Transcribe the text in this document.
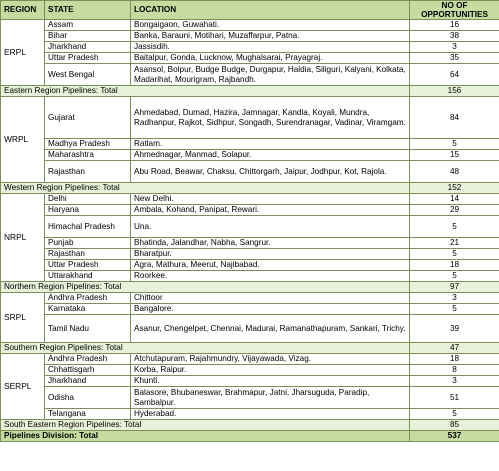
REGION	STATE	LOCATION	NO OF OPPORTUNITIES
ERPL	Assam	Bongaigaon, Guwahati.	16
	Bihar	Banka, Barauni, Motihari, Muzaffarpur, Patna.	38
	Jharkhand	Jassisdih.	3
	Uttar Pradesh	Baitalpur, Gonda, Lucknow, Mughalsarai, Prayagraj.	35
	West Bengal	Asansol, Bolpur, Budge Budge, Durgapur, Haldia, Siliguri, Kalyani, Kolkata, Madarihat, Mourigram, Rajbandh.	64
Eastern Region Pipelines: Total			156
WRPL	Gujarat	Ahmedabad, Dumad, Hazira, Jamnagar, Kandla, Koyali, Mundra, Radhanpur, Rajkot, Sidhpur, Songadh, Surendranagar, Vadinar, Viramgam.	84
	Madhya Pradesh	Ratlam.	5
	Maharashtra	Ahmednagar, Manmad, Solapur.	15
	Rajasthan	Abu Road, Beawar, Chaksu, Chittorgarh, Jaipur, Jodhpur, Kot, Rajola.	48
Western Region Pipelines: Total			152
NRPL	Delhi	New Delhi.	14
	Haryana	Ambala, Kohand, Panipat, Rewari.	29
	Himachal Pradesh	Una.	5
	Punjab	Bhatinda, Jalandhar, Nabha, Sangrur.	21
	Rajasthan	Bharatpur.	5
	Uttar Pradesh	Agra, Mathura, Meerut, Najibabad.	18
	Uttarakhand	Roorkee.	5
Northern Region Pipelines: Total			97
SRPL	Andhra Pradesh	Chittoor	3
	Karnataka	Bangalore.	5
	Tamil Nadu	Asanur, Chengelpet, Chennai, Madurai, Ramanathapuram, Sankari, Trichy.	39
Southern Region Pipelines: Total			47
SERPL	Andhra Pradesh	Atchutapuram, Rajahmundry, Vijayawada, Vizag.	18
	Chhattisgarh	Korba, Raipur.	8
	Jharkhand	Khunti.	3
	Odisha	Balasore, Bhubaneswar, Brahmapur, Jatni, Jharsuguda, Paradip, Sambalpur.	51
	Telangana	Hyderabad.	5
South Eastern Region Pipelines: Total			85
Pipelines Division: Total			537
